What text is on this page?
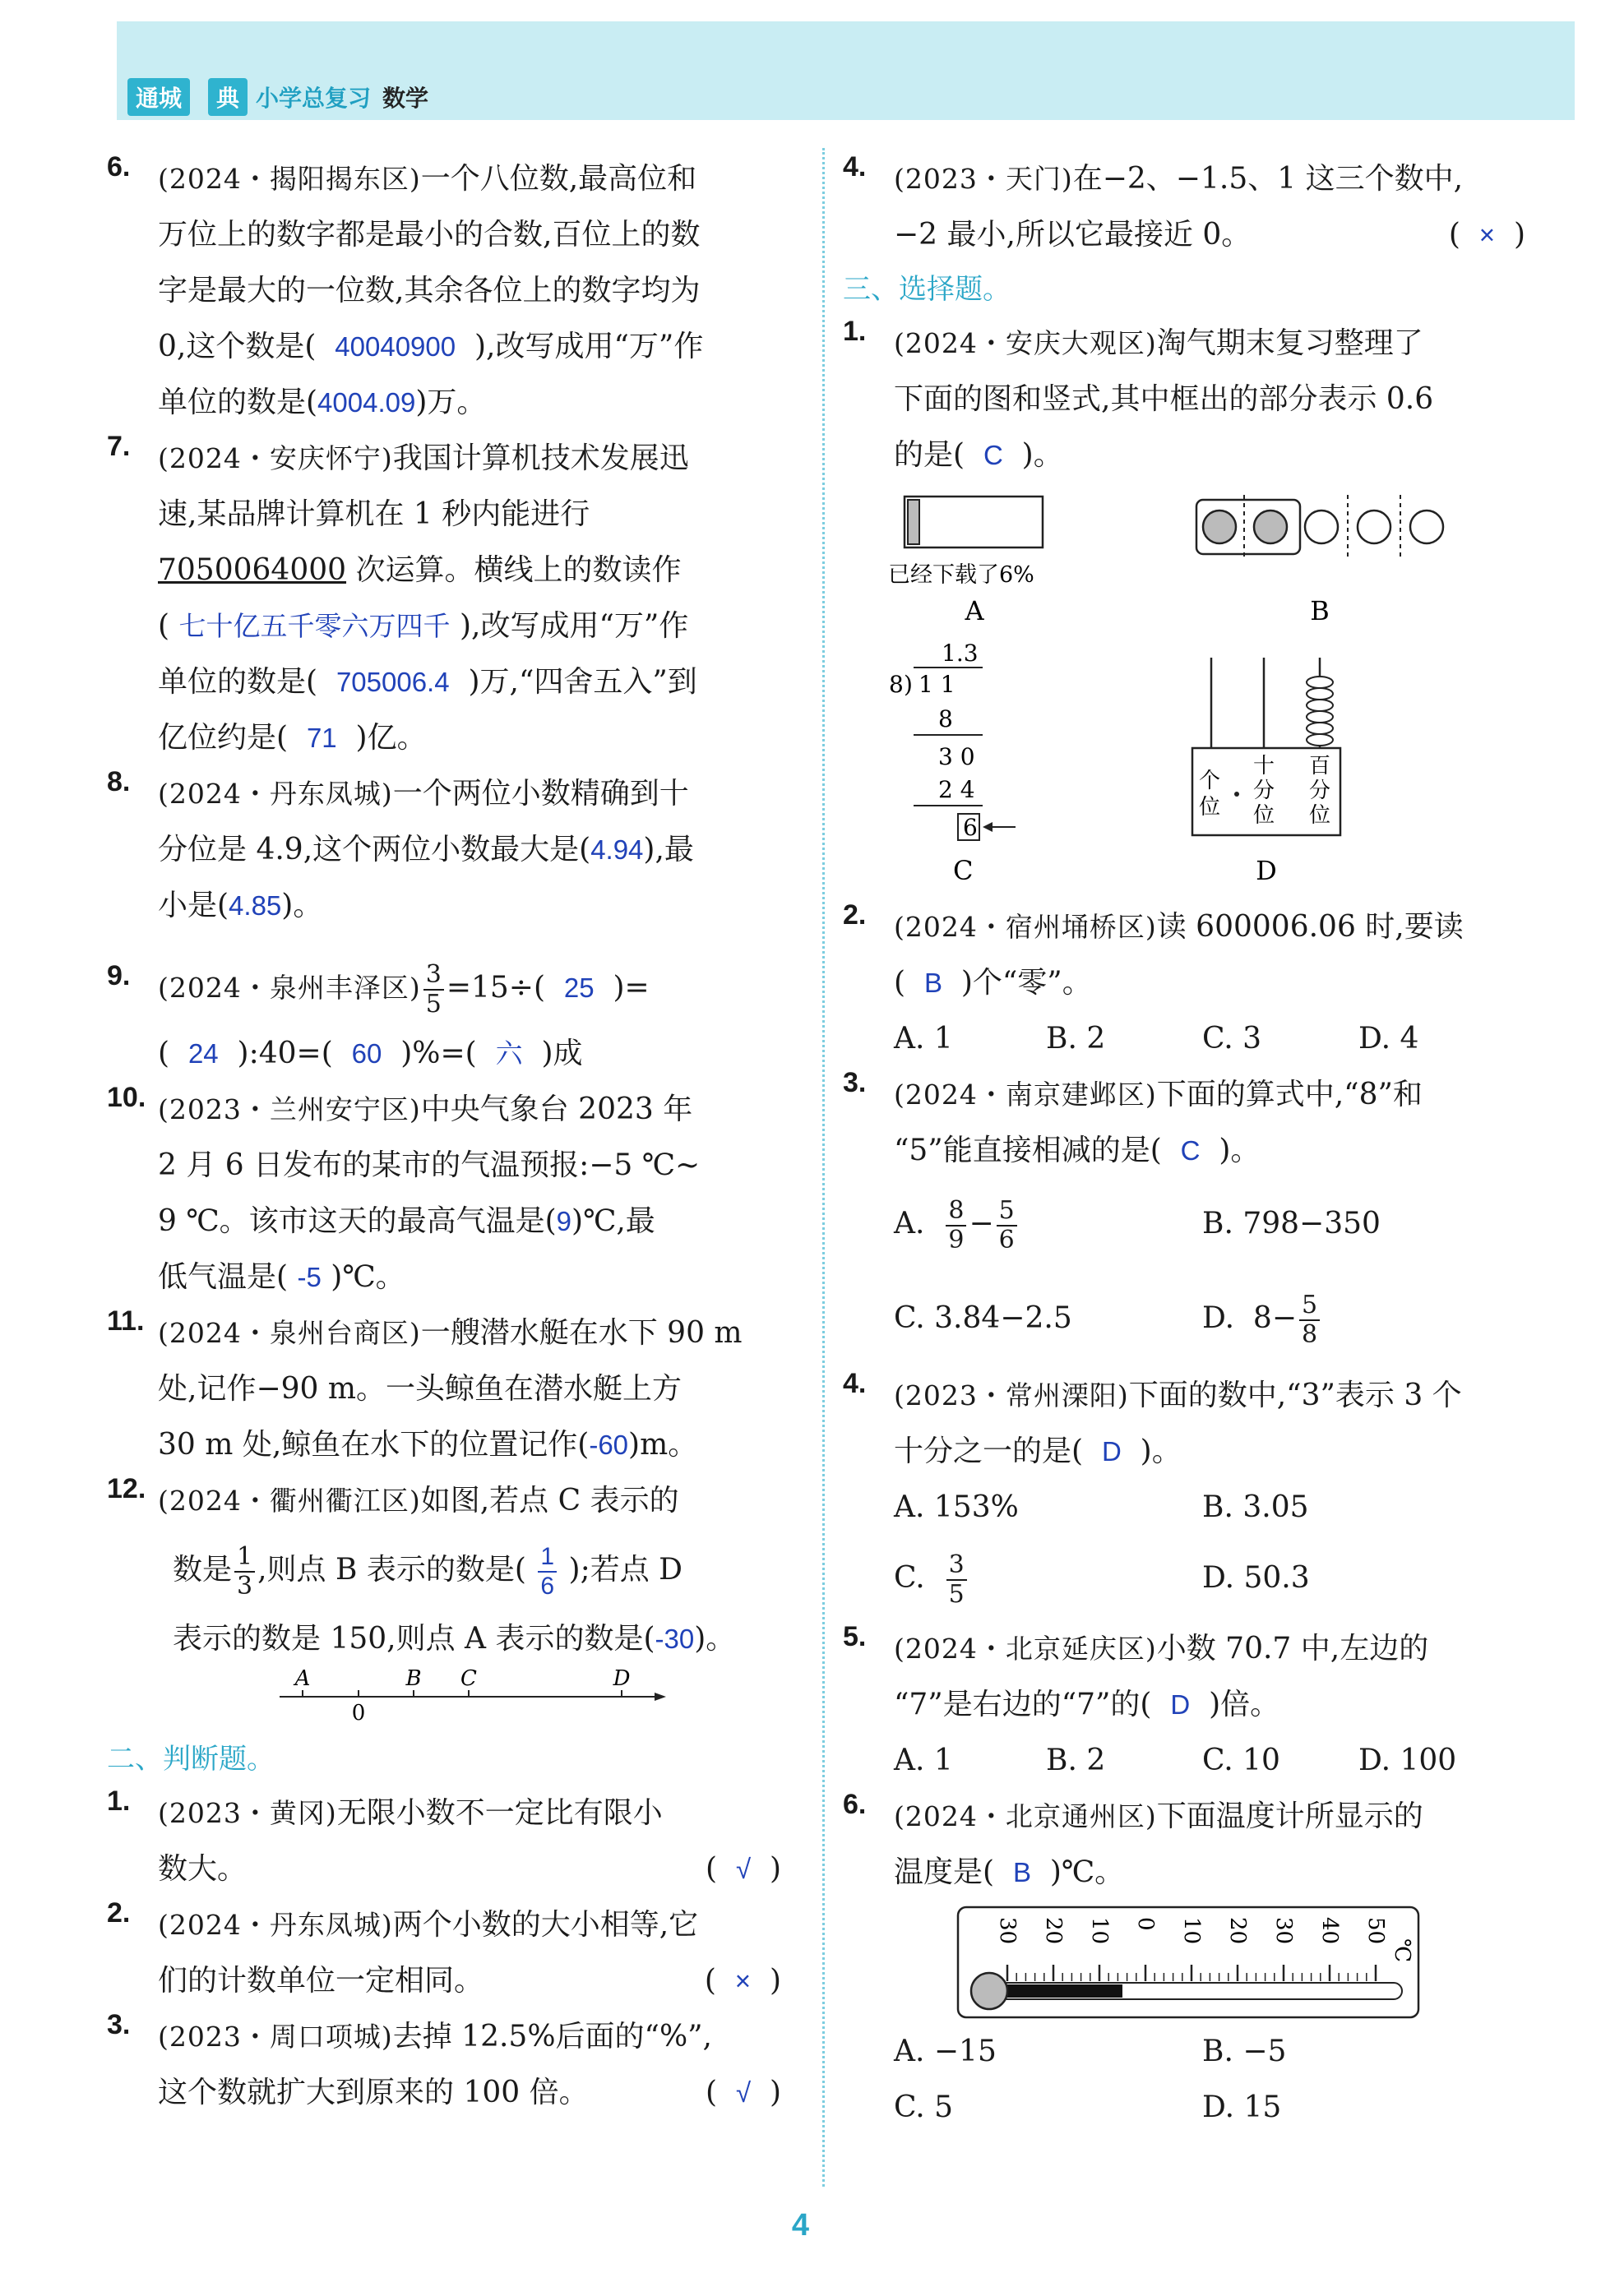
通城	典 小学总复习 数学
6.	(2024・揭阳揭东区)一个八位数,最高位和
万位上的数字都是最小的合数,百位上的数
字是最大的一位数,其余各位上的数字均为
0,这个数是( 40040900 ),改写成用“万”作
单位的数是(4004.09)万。
7.	(2024・安庆怀宁)我国计算机技术发展迅
速,某品牌计算机在 1 秒内能进行
7050064000 次运算。横线上的数读作
( 七十亿五千零六万四千 ),改写成用“万”作
单位的数是( 705006.4 )万,“四舍五入”到
亿位约是( 71 )亿。
8.	(2024・丹东凤城)一个两位小数精确到十
分位是 4.9,这个两位小数最大是(4.94),最
小是(4.85)。
9.	(2024・泉州丰泽区) $\frac{3}{5} =15\div$( 25 )=
( 24 ):40=( 60 )%=( 六 )成
10. (2023・兰州安宁区)中央气象台 2023 年
2 月 6 日发布的某市的气温预报:−5 ℃~
9 ℃。该市这天的最高气温是(9)℃,最
低气温是( -5 )℃。
11. (2024・泉州台商区)一艘潜水艇在水下 90 m
处,记作−90 m。一头鲸鱼在潜水艇上方
30 m 处,鲸鱼在水下的位置记作(-60)m。
12. (2024・衢州衢江区)如图,若点 C 表示的
数是 $\frac{1}{3}$ ,则点 B 表示的数是( $\frac{1}{6}$ );若点 D
表示的数是 150,则点 A 表示的数是(-30)。
A	B C	D
0
二、判断题。
1.	(2023・黄冈)无限小数不一定比有限小
数大。	(  √  )
2.	(2024・丹东凤城)两个小数的大小相等,它
们的计数单位一定相同。	(  ×  )
3.	(2023・周口项城)去掉 12.5%后面的“%”,
这个数就扩大到原来的 100 倍。	(  √  )
4.	(2023・天门)在−2、−1.5、1 这三个数中,
−2 最小,所以它最接近 0。	(  ×  )
三、选择题。
1.	(2024・安庆大观区)淘气期末复习整理了
下面的图和竖式,其中框出的部分表示 0.6
的是( C )。
已经下载了6%
A	B
1.3
8 ) 1 1
8
3 0
2 4
6
C
个位
十分位
百分位
D
2.	(2024・宿州埇桥区)读 600006.06 时,要读
( B )个“零”。
A. 1	B. 2	C. 3	D. 4
3.	(2024・南京建邺区)下面的算式中,“8”和
“5”能直接相减的是( C )。
A. $\frac{8}{9} - \frac{5}{6}$	B. 798−350
C. 3.84−2.5	D. $8- \frac{5}{8}$
4.	(2023・常州溧阳)下面的数中,“3”表示 3 个
十分之一的是( D )。
A. 153%	B. 3.05
C. $\frac{3}{5}$	D. 50.3
5.	(2024・北京延庆区)小数 70.7 中,左边的
“7”是右边的“7”的( D )倍。
A. 1	B. 2	C. 10	D. 100
6.	(2024・北京通州区)下面温度计所显示的
温度是( B )℃。
30 20 10 0 10 20 30 40 50
℃
A. −15	B. −5
C. 5	D. 15
4
